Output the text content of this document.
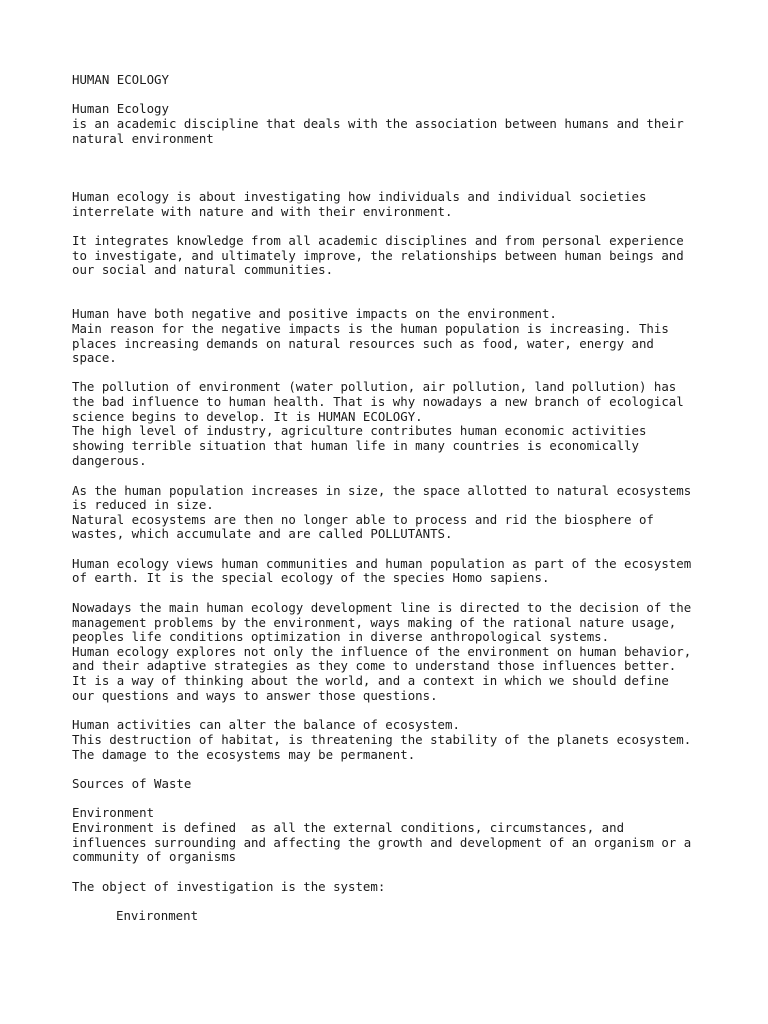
HUMAN ECOLOGY

Human Ecology

is an academic discipline that deals with the association between humans and their

natural environment

Human ecology is about investigating how individuals and individual societies

interrelate with nature and with their environment.

It integrates knowledge from all academic disciplines and from personal experience

to investigate, and ultimately improve, the relationships between human beings and

our social and natural communities.

Human have both negative and positive impacts on the environment.

Main reason for the negative impacts is the human population is increasing. This

places increasing demands on natural resources such as food, water, energy and

space.

The pollution of environment (water pollution, air pollution, land pollution) has

the bad influence to human health. That is why nowadays a new branch of ecological

science begins to develop. It is HUMAN ECOLOGY.

The high level of industry, agriculture contributes human economic activities

showing terrible situation that human life in many countries is economically

dangerous.

As the human population increases in size, the space allotted to natural ecosystems

is reduced in size.

Natural ecosystems are then no longer able to process and rid the biosphere of

wastes, which accumulate and are called POLLUTANTS.

Human ecology views human communities and human population as part of the ecosystem

of earth. It is the special ecology of the species Homo sapiens.

Nowadays the main human ecology development line is directed to the decision of the

management problems by the environment, ways making of the rational nature usage,

peoples life conditions optimization in diverse anthropological systems.

Human ecology explores not only the influence of the environment on human behavior,

and their adaptive strategies as they come to understand those influences better.

It is a way of thinking about the world, and a context in which we should define

our questions and ways to answer those questions.

Human activities can alter the balance of ecosystem.

This destruction of habitat, is threatening the stability of the planets ecosystem.

The damage to the ecosystems may be permanent.

Sources of Waste

Environment

Environment is defined  as all the external conditions, circumstances, and

influences surrounding and affecting the growth and development of an organism or a

community of organisms

The object of investigation is the system:

Environment
